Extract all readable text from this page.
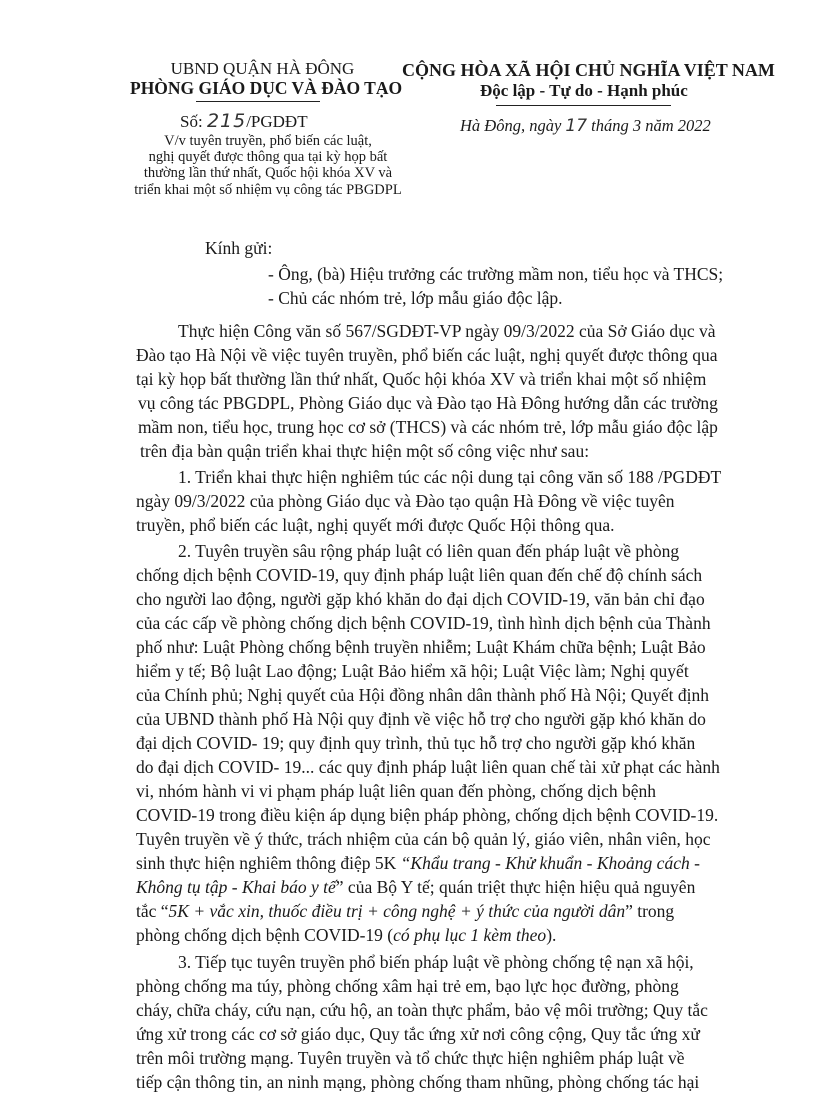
UBND QUẬN HÀ ĐÔNG
PHÒNG GIÁO DỤC VÀ ĐÀO TẠO
Số: 215/PGDĐT
V/v tuyên truyền, phổ biến các luật,
nghị quyết được thông qua tại kỳ họp bất
thường lần thứ nhất, Quốc hội khóa XV và
triển khai một số nhiệm vụ công tác PBGDPL
CỘNG HÒA XÃ HỘI CHỦ NGHĨA VIỆT NAM
Độc lập - Tự do - Hạnh phúc
Hà Đông, ngày 17 tháng 3 năm 2022
Kính gửi:
- Ông, (bà) Hiệu trưởng các trường mầm non, tiểu học và THCS;
- Chủ các nhóm trẻ, lớp mẫu giáo độc lập.
Thực hiện Công văn số 567/SGDĐT-VP ngày 09/3/2022 của Sở Giáo dục và
Đào tạo Hà Nội về việc tuyên truyền, phổ biến các luật, nghị quyết được thông qua
tại kỳ họp bất thường lần thứ nhất, Quốc hội khóa XV và triển khai một số nhiệm
vụ công tác PBGDPL, Phòng Giáo dục và Đào tạo Hà Đông hướng dẫn các trường
mầm non, tiểu học, trung học cơ sở (THCS) và các nhóm trẻ, lớp mẫu giáo độc lập
trên địa bàn quận triển khai thực hiện một số công việc như sau:
1. Triển khai thực hiện nghiêm túc các nội dung tại công văn số 188 /PGDĐT
ngày 09/3/2022 của phòng Giáo dục và Đào tạo quận Hà Đông về việc tuyên
truyền, phổ biến các luật, nghị quyết mới được Quốc Hội thông qua.
2. Tuyên truyền sâu rộng pháp luật có liên quan đến pháp luật về phòng
chống dịch bệnh COVID-19, quy định pháp luật liên quan đến chế độ chính sách
cho người lao động, người gặp khó khăn do đại dịch COVID-19, văn bản chỉ đạo
của các cấp về phòng chống dịch bệnh COVID-19, tình hình dịch bệnh của Thành
phố như: Luật Phòng chống bệnh truyền nhiễm; Luật Khám chữa bệnh; Luật Bảo
hiểm y tế; Bộ luật Lao động; Luật Bảo hiểm xã hội; Luật Việc làm; Nghị quyết
của Chính phủ; Nghị quyết của Hội đồng nhân dân thành phố Hà Nội; Quyết định
của UBND thành phố Hà Nội quy định về việc hỗ trợ cho người gặp khó khăn do
đại dịch COVID- 19; quy định quy trình, thủ tục hỗ trợ cho người gặp khó khăn
do đại dịch COVID- 19... các quy định pháp luật liên quan chế tài xử phạt các hành
vi, nhóm hành vi vi phạm pháp luật liên quan đến phòng, chống dịch bệnh
COVID-19 trong điều kiện áp dụng biện pháp phòng, chống dịch bệnh COVID-19.
Tuyên truyền về ý thức, trách nhiệm của cán bộ quản lý, giáo viên, nhân viên, học
sinh thực hiện nghiêm thông điệp 5K “Khẩu trang - Khử khuẩn - Khoảng cách -
Không tụ tập - Khai báo y tế” của Bộ Y tế; quán triệt thực hiện hiệu quả nguyên
tắc “5K + vắc xin, thuốc điều trị + công nghệ + ý thức của người dân” trong
phòng chống dịch bệnh COVID-19 (có phụ lục 1 kèm theo).
3. Tiếp tục tuyên truyền phổ biến pháp luật về phòng chống tệ nạn xã hội,
phòng chống ma túy, phòng chống xâm hại trẻ em, bạo lực học đường, phòng
cháy, chữa cháy, cứu nạn, cứu hộ, an toàn thực phẩm, bảo vệ môi trường; Quy tắc
ứng xử trong các cơ sở giáo dục, Quy tắc ứng xử nơi công cộng, Quy tắc ứng xử
trên môi trường mạng. Tuyên truyền và tổ chức thực hiện nghiêm pháp luật về
tiếp cận thông tin, an ninh mạng, phòng chống tham nhũng, phòng chống tác hại
